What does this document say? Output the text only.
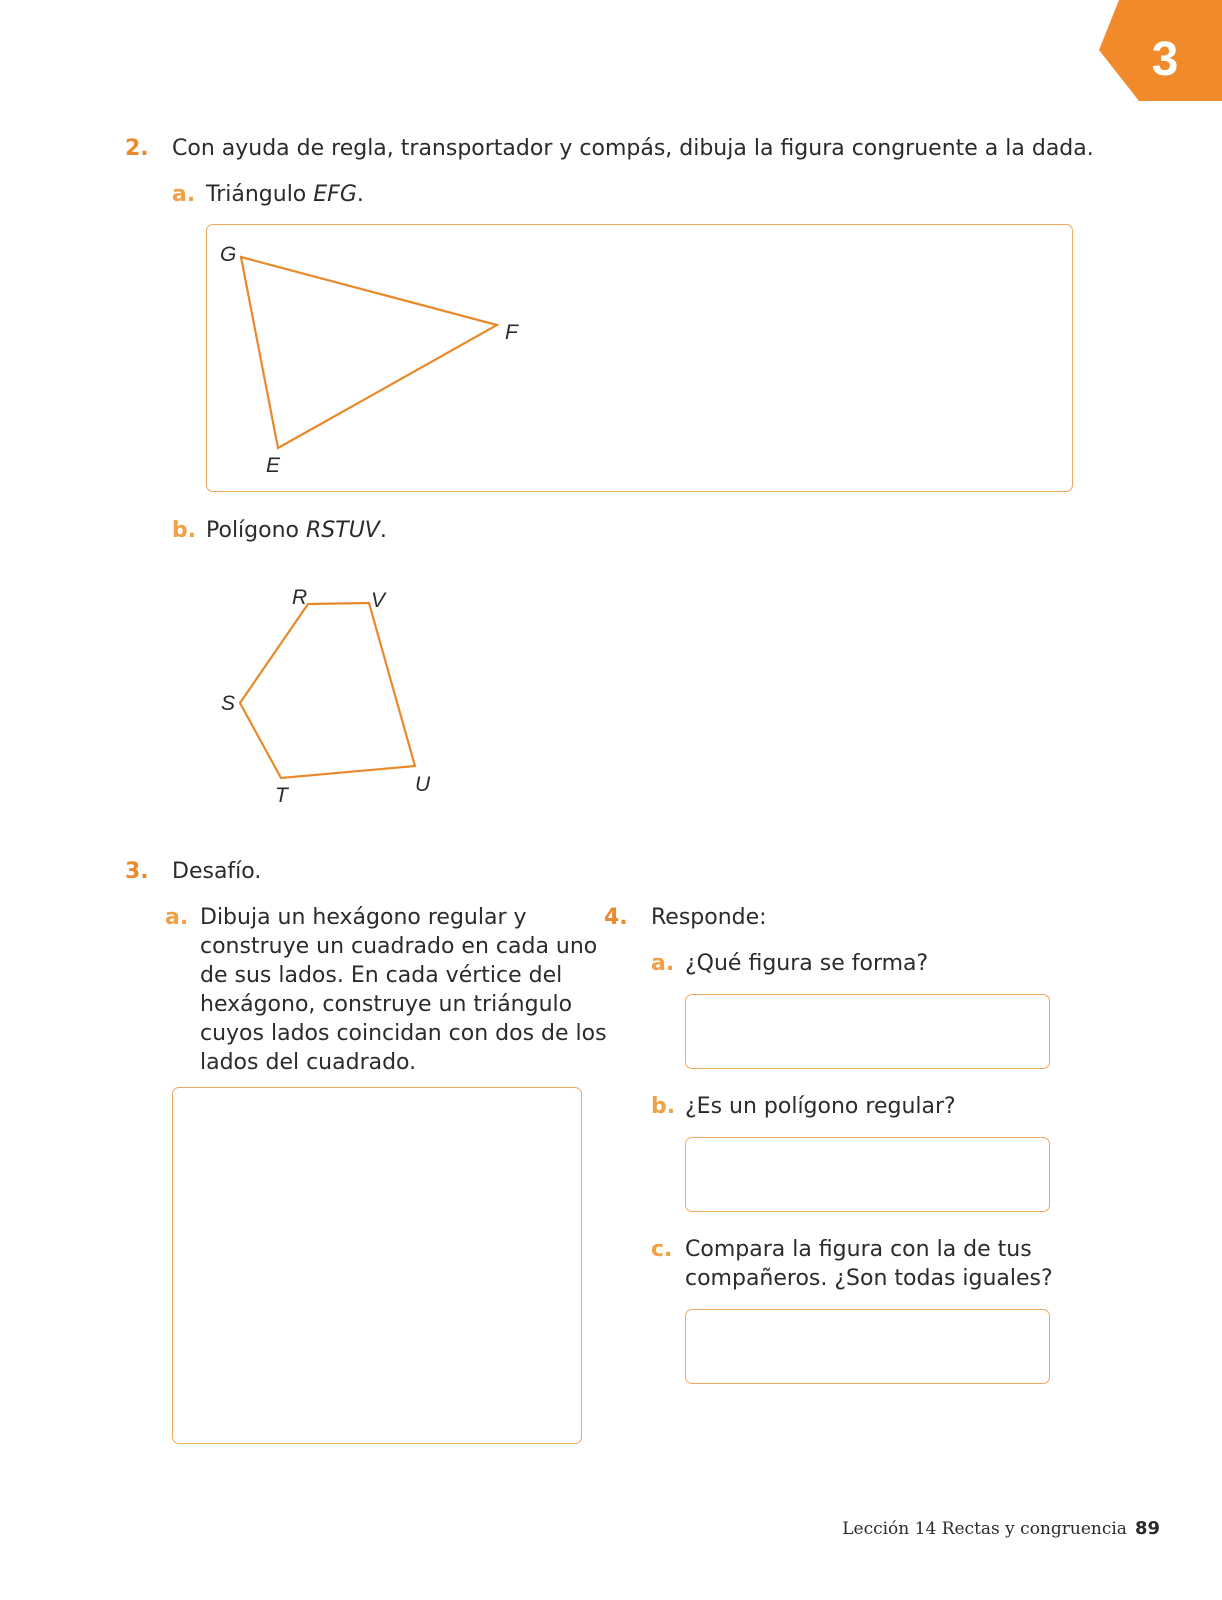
3
2. Con ayuda de regla, transportador y compás, dibuja la figura congruente a la dada.
a. Triángulo EFG.
G
F
E
R	V
S
T	U
b. Polígono RSTUV.
3. Desafío.
a. Dibuja un hexágono regular y
construye un cuadrado en cada uno
de sus lados. En cada vértice del
hexágono, construye un triángulo
cuyos lados coincidan con dos de los
lados del cuadrado.
4. Responde:
a. ¿Qué figura se forma?
b. ¿Es un polígono regular?
c. Compara la figura con la de tus
compañeros. ¿Son todas iguales?
Lección 14 Rectas y congruencia 89
